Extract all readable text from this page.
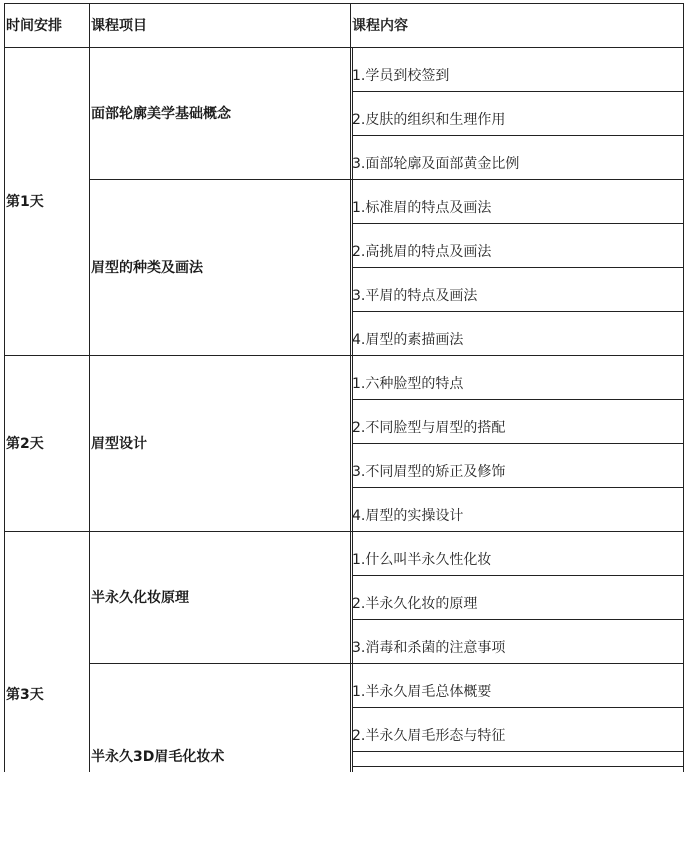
时间安排 课程项目	课程内容
第1天
第2天
第3天
面部轮廓美学基础概念
眉型的种类及画法
眉型设计
半永久化妆原理
半永久3D眉毛化妆术
1.学员到校签到
2.皮肤的组织和生理作用
3.面部轮廓及面部黄金比例
1.标准眉的特点及画法
2.高挑眉的特点及画法
3.平眉的特点及画法
4.眉型的素描画法
1.六种脸型的特点
2.不同脸型与眉型的搭配
3.不同眉型的矫正及修饰
4.眉型的实操设计
1.什么叫半永久性化妆
2.半永久化妆的原理
3.消毒和杀菌的注意事项
1.半永久眉毛总体概要
2.半永久眉毛形态与特征
